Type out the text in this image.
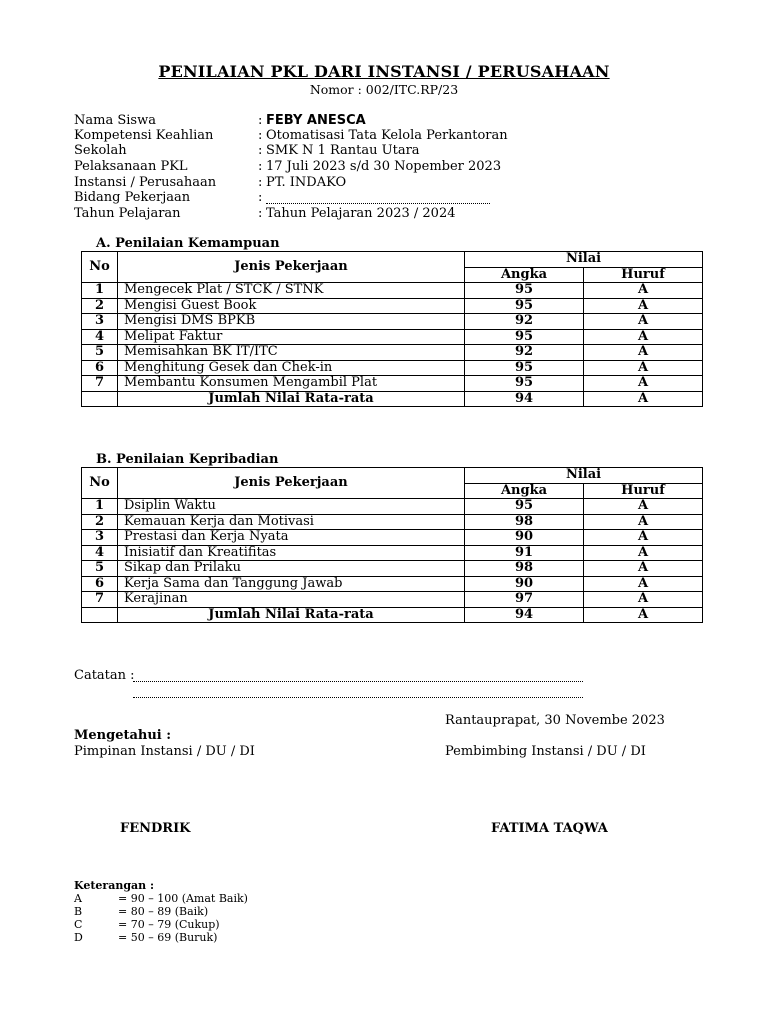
PENILAIAN PKL DARI INSTANSI / PERUSAHAAN
Nomor : 002/ITC.RP/23
Nama Siswa	: FEBY ANESCA
Kompetensi Keahlian	: Otomatisasi Tata Kelola Perkantoran
Sekolah	: SMK N 1 Rantau Utara
Pelaksanaan PKL	: 17 Juli 2023 s/d 30 Nopember 2023
Instansi / Perusahaan	: PT. INDAKO
Bidang Pekerjaan	:
Tahun Pelajaran	: Tahun Pelajaran 2023 / 2024
A. Penilaian Kemampuan
No	Jenis Pekerjaan	Nilai	
		Angka	Huruf
1	Mengecek Plat / STCK / STNK	95	A
2	Mengisi Guest Book	95	A
3	Mengisi DMS BPKB	92	A
4	Melipat Faktur	95	A
5	Memisahkan BK IT/ITC	92	A
6	Menghitung Gesek dan Chek-in	95	A
7	Membantu Konsumen Mengambil Plat	95	A
	Jumlah Nilai Rata-rata	94	A
B. Penilaian Kepribadian
No	Jenis Pekerjaan	Nilai	
		Angka	Huruf
1	Dsiplin Waktu	95	A
2	Kemauan Kerja dan Motivasi	98	A
3	Prestasi dan Kerja Nyata	90	A
4	Inisiatif dan Kreatifitas	91	A
5	Sikap dan Prilaku	98	A
6	Kerja Sama dan Tanggung Jawab	90	A
7	Kerajinan	97	A
	Jumlah Nilai Rata-rata	94	A
Catatan :
Rantauprapat, 30 Novembe 2023
Mengetahui :
Pimpinan Instansi / DU / DI	Pembimbing Instansi / DU / DI
FENDRIK	FATIMA TAQWA
Keterangan :
A	= 90 – 100 (Amat Baik)
B	= 80 – 89 (Baik)
C	= 70 – 79 (Cukup)
D	= 50 – 69 (Buruk)
